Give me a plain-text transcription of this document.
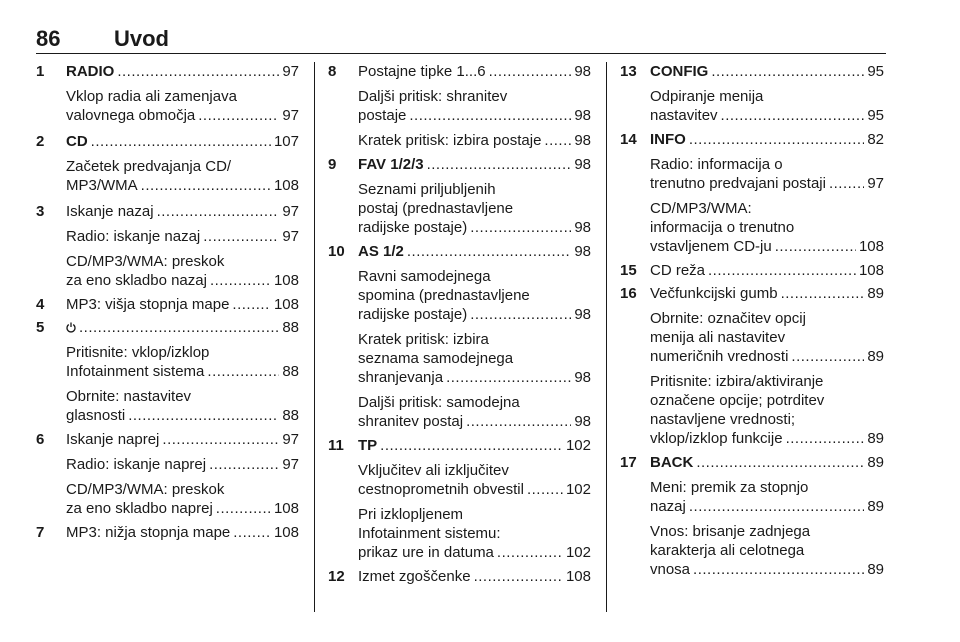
86	Uvod
1	RADIO .....	97
Vklop radia ali zamenjava
valovnega območja .....	97
2	CD .....	107
Začetek predvajanja CD/
MP3/WMA .....	108
3	Iskanje nazaj .....	97
Radio: iskanje nazaj .....	97
CD/MP3/WMA: preskok
za eno skladbo nazaj .....	108
4	MP3: višja stopnja mape .....	108
5 .....	88
Pritisnite: vklop/izklop
Infotainment sistema .....	88
Obrnite: nastavitev
glasnosti .....	88
6	Iskanje naprej .....	97
Radio: iskanje naprej .....	97
CD/MP3/WMA: preskok
za eno skladbo naprej .....	108
7	MP3: nižja stopnja mape .....	108
8	Postajne tipke 1...6 .....	98
Daljši pritisk: shranitev
postaje .....	98
Kratek pritisk: izbira postaje ..... 98
9	FAV 1/2/3 .....	98
Seznami priljubljenih
postaj (prednastavljene
radijske postaje) .....	98
10 AS 1/2 .....	98
Ravni samodejnega
spomina (prednastavljene
radijske postaje) .....	98
Kratek pritisk: izbira
seznama samodejnega
shranjevanja .....	98
Daljši pritisk: samodejna
shranitev postaj .....	98
11 TP .....	102
Vključitev ali izključitev
cestnoprometnih obvestil .....	102
Pri izklopljenem
Infotainment sistemu:
prikaz ure in datuma .....	102
12 Izmet zgoščenke .....	108
13 CONFIG .....	95
Odpiranje menija
nastavitev .....	95
14 INFO .....	82
Radio: informacija o
trenutno predvajani postaji .....	97
CD/MP3/WMA:
informacija o trenutno
vstavljenem CD-ju .....	108
15 CD reža .....	108
16 Večfunkcijski gumb .....	89
Obrnite: označitev opcij
menija ali nastavitev
numeričnih vrednosti .....	89
Pritisnite: izbira/aktiviranje
označene opcije; potrditev
nastavljene vrednosti;
vklop/izklop funkcije .....	89
17 BACK .....	89
Meni: premik za stopnjo
nazaj .....	89
Vnos: brisanje zadnjega
karakterja ali celotnega
vnosa .....	89
